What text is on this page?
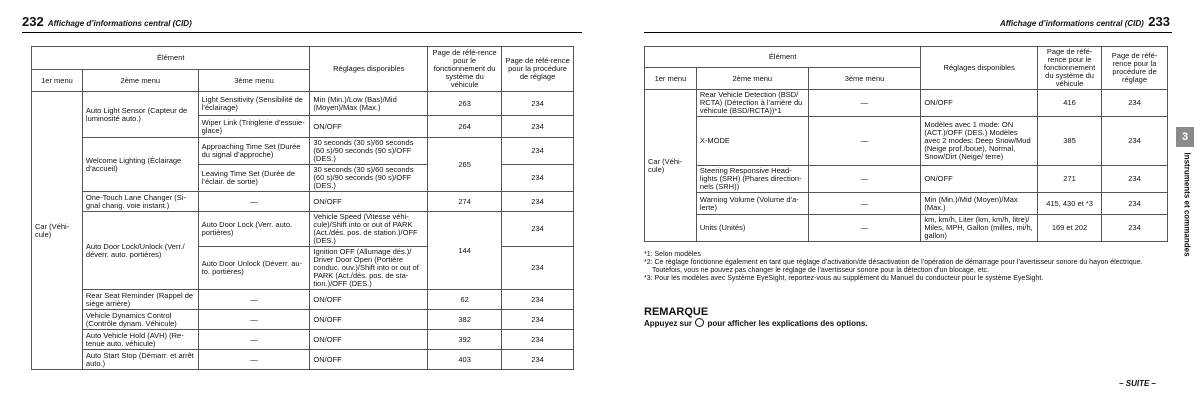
232 Affichage d’informations central (CID)
Élément			Réglages disponibles	Page de réfé-rence pour le fonctionnement du système du véhicule	Page de réfé-rence pour la procédure de réglage
1er menu	2ème menu	3ème menu			
Car (Véhi-cule)	Auto Light Sensor (Capteur de luminosité auto.)	Light Sensitivity (Sensibilité de l’éclairage)	Min (Min.)/Low (Bas)/Mid (Moyen)/Max (Max.)	263	234
		Wiper Link (Tringlerie d’essuie-glace)	ON/OFF	264	234
	Welcome Lighting (Éclairage d’accueil)	Approaching Time Set (Durée du signal d’approche)	30 seconds (30 s)/60 seconds (60 s)/90 seconds (90 s)/OFF (DES.)	265	234
		Leaving Time Set (Durée de l’éclair. de sortie)	30 seconds (30 s)/60 seconds (60 s)/90 seconds (90 s)/OFF (DES.)		234
	One-Touch Lane Changer (Si-gnal chang. voie instant.)	—	ON/OFF	274	234
	Auto Door Lock/Unlock (Verr./ déverr. auto. portières)	Auto Door Lock (Verr. auto. portières)	Vehicle Speed (Vitesse véhi-cule)/Shift into or out of PARK (Act./dés. pos. de station.)/OFF (DES.)	144	234
		Auto Door Unlock (Déverr. au-to. portières)	Ignition OFF (Allumage dés.)/ Driver Door Open (Portière conduc. ouv.)/Shift into or out of PARK (Act./dés. pos. de sta-tion.)/OFF (DES.)		234
	Rear Seat Reminder (Rappel de siège arrière)	—	ON/OFF	62	234
	Vehicle Dynamics Control (Contrôle dynam. Véhicule)	—	ON/OFF	382	234
	Auto Vehicle Hold (AVH) (Re-tenue auto. véhicule)	—	ON/OFF	392	234
	Auto Start Stop (Démarr. et arrêt auto.)	—	ON/OFF	403	234
Affichage d’informations central (CID) 233
Élément			Réglages disponibles	Page de réfé-rence pour le fonctionnement du système du véhicule	Page de réfé-rence pour la procédure de réglage
1er menu	2ème menu	3ème menu			
Car (Véhi-cule)	Rear Vehicle Detection (BSD/ RCTA) (Détection à l’arrière du véhicule (BSD/RCTA))*1	—	ON/OFF	416	234
	X-MODE	—	Modèles avec 1 mode: ON (ACT.)/OFF (DES.) Modèles avec 2 modes: Deep Snow/Mud (Neige prof./boue), Normal, Snow/Dirt (Neige/ terre)	385	234
	Steering Responsive Head-lights (SRH) (Phares direction-nels (SRH))	—	ON/OFF	271	234
	Warning Volume (Volume d’a-lerte)	—	Min (Min.)/Mid (Moyen)/Max (Max.)	415, 430 et *3	234
	Units (Unités)	—	km, km/h, Liter (km, km/h, litre)/ Miles, MPH, Gallon (milles, mi/h, gallon)	169 et 202	234
*1: Selon modèles
*2: Ce réglage fonctionne également en tant que réglage d’activation/de désactivation de l’opération de démarrage pour l’avertisseur sonore du hayon électrique.
Toutefois, vous ne pouvez pas changer le réglage de l’avertisseur sonore pour la détection d’un blocage, etc.
*3: Pour les modèles avec Système EyeSight, reportez-vous au supplément du Manuel du conducteur pour le système EyeSight.
REMARQUE
Appuyez sur pour afficher les explications des options.
– SUITE –
3
Instruments et commandes
